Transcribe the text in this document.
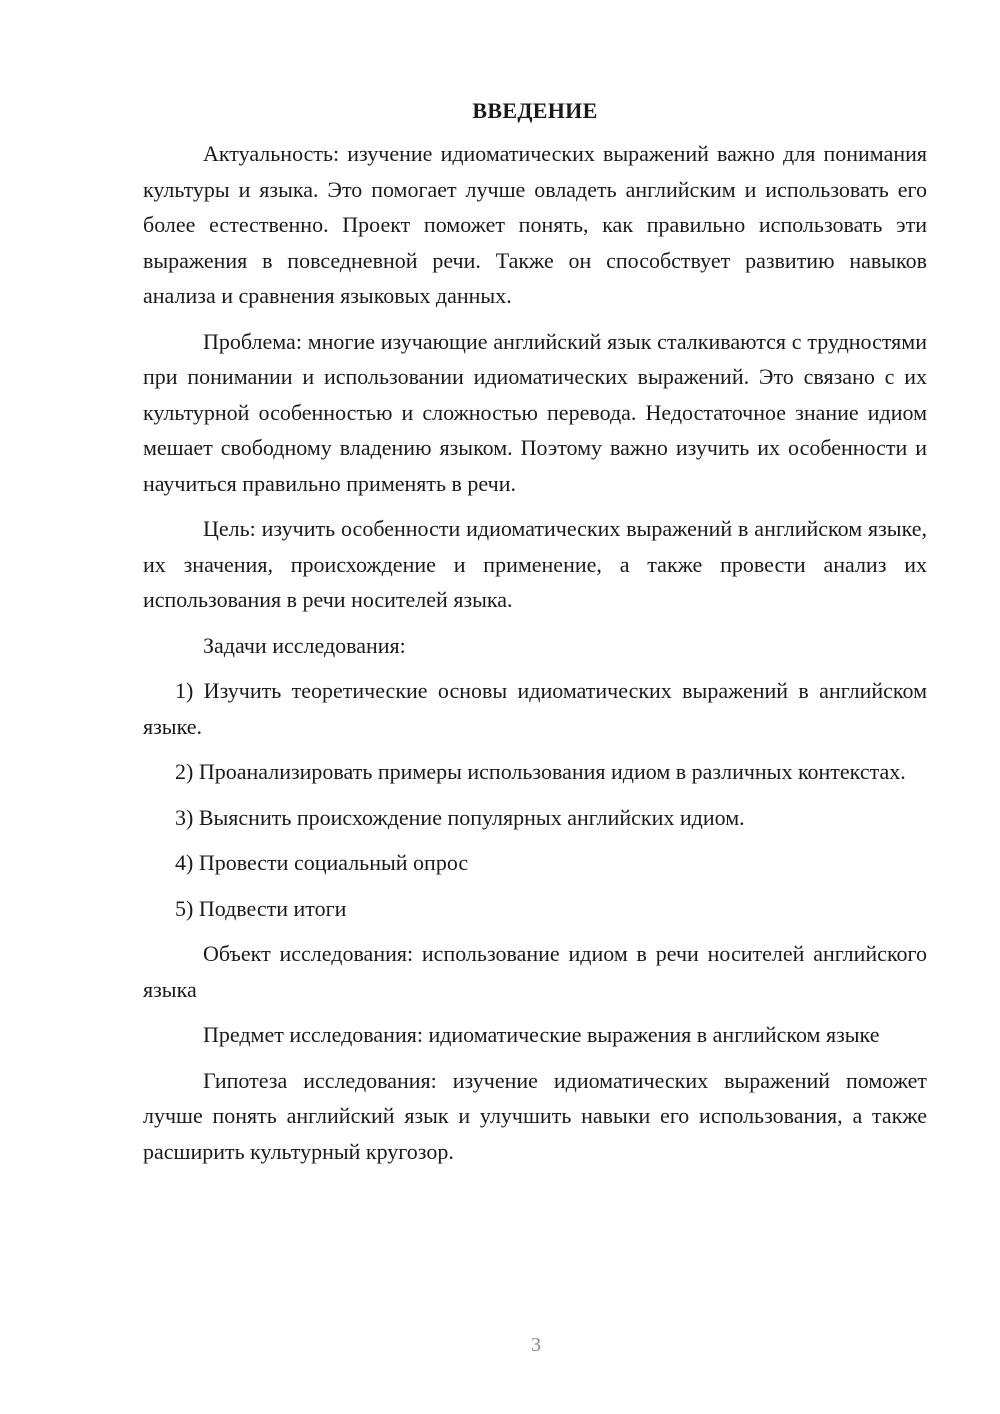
ВВЕДЕНИЕ

Актуальность: изучение идиоматических выражений важно для понимания культуры и языка. Это помогает лучше овладеть английским и использовать его более естественно. Проект поможет понять, как правильно использовать эти выражения в повседневной речи. Также он способствует развитию навыков анализа и сравнения языковых данных.

Проблема: многие изучающие английский язык сталкиваются с трудностями при понимании и использовании идиоматических выражений. Это связано с их культурной особенностью и сложностью перевода. Недостаточное знание идиом мешает свободному владению языком. Поэтому важно изучить их особенности и научиться правильно применять в речи.

Цель: изучить особенности идиоматических выражений в английском языке, их значения, происхождение и применение, а также провести анализ их использования в речи носителей языка.

Задачи исследования:

1) Изучить теоретические основы идиоматических выражений в английском языке.

2) Проанализировать примеры использования идиом в различных контекстах.

3) Выяснить происхождение популярных английских идиом.

4) Провести социальный опрос

5) Подвести итоги

Объект исследования: использование идиом в речи носителей английского языка

Предмет исследования: идиоматические выражения в английском языке

Гипотеза исследования: изучение идиоматических выражений поможет лучше понять английский язык и улучшить навыки его использования, а также расширить культурный кругозор.

3
